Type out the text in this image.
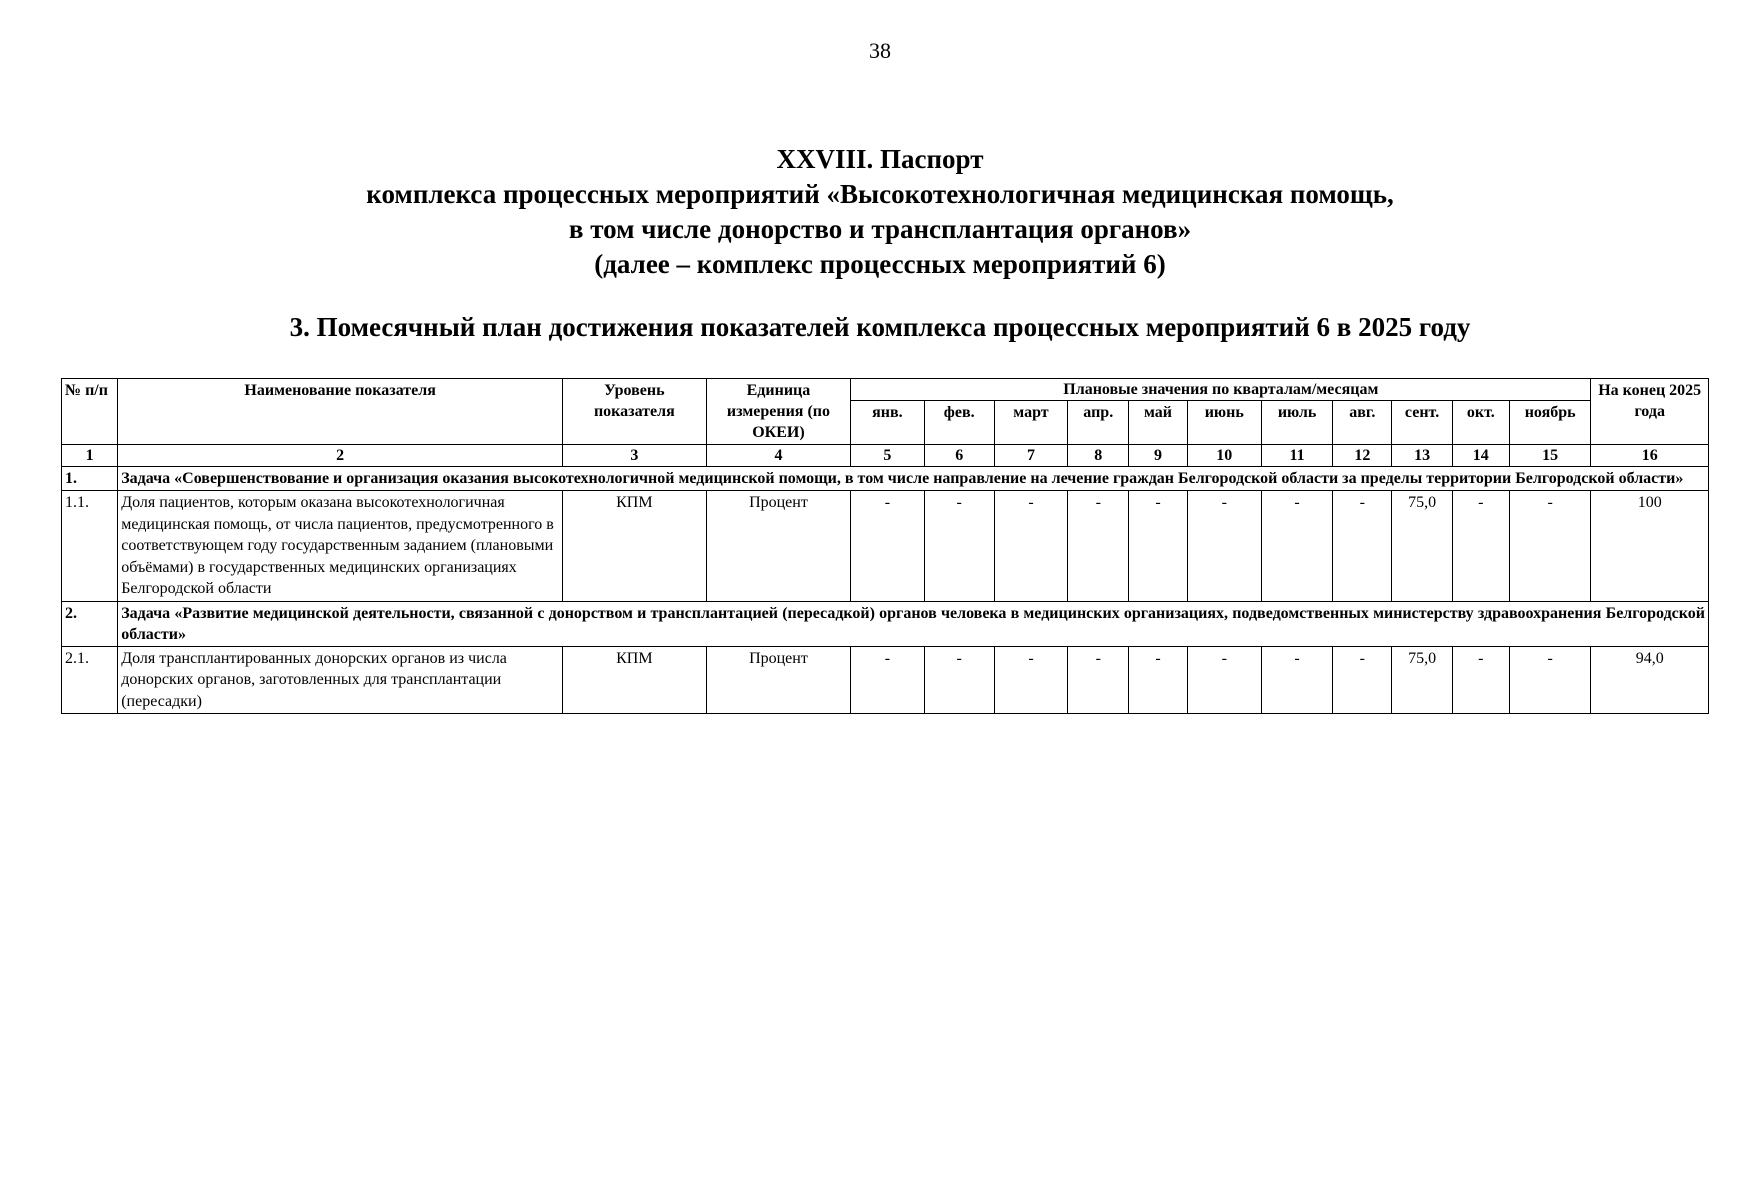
38
XXVIII. Паспорт
комплекса процессных мероприятий «Высокотехнологичная медицинская помощь,
в том числе донорство и трансплантация органов»
(далее – комплекс процессных мероприятий 6)
3. Помесячный план достижения показателей комплекса процессных мероприятий 6 в 2025 году
№ п/п	Наименование показателя	Уровень показателя	Единица измерения (по ОКЕИ)	Плановые значения по кварталам/месяцам											На конец 2025 года
				янв.	фев.	март	апр.	май	июнь	июль	авг.	сент.	окт.	ноябрь	
1	2	3	4	5	6	7	8	9	10	11	12	13	14	15	16
1.	Задача «Совершенствование и организация оказания высокотехнологичной медицинской помощи, в том числе направление на лечение граждан Белгородской области за пределы территории Белгородской области»														
1.1.	Доля пациентов, которым оказана высокотехнологичная медицинская помощь, от числа пациентов, предусмотренного в соответствующем году государственным заданием (плановыми объёмами) в государственных медицинских организациях Белгородской области	КПМ	Процент	-	-	-	-	-	-	-	-	75,0	-	-	100
2.	Задача «Развитие медицинской деятельности, связанной с донорством и трансплантацией (пересадкой) органов человека в медицинских организациях, подведомственных министерству здравоохранения Белгородской области»														
2.1.	Доля трансплантированных донорских органов из числа донорских органов, заготовленных для трансплантации (пересадки)	КПМ	Процент	-	-	-	-	-	-	-	-	75,0	-	-	94,0
